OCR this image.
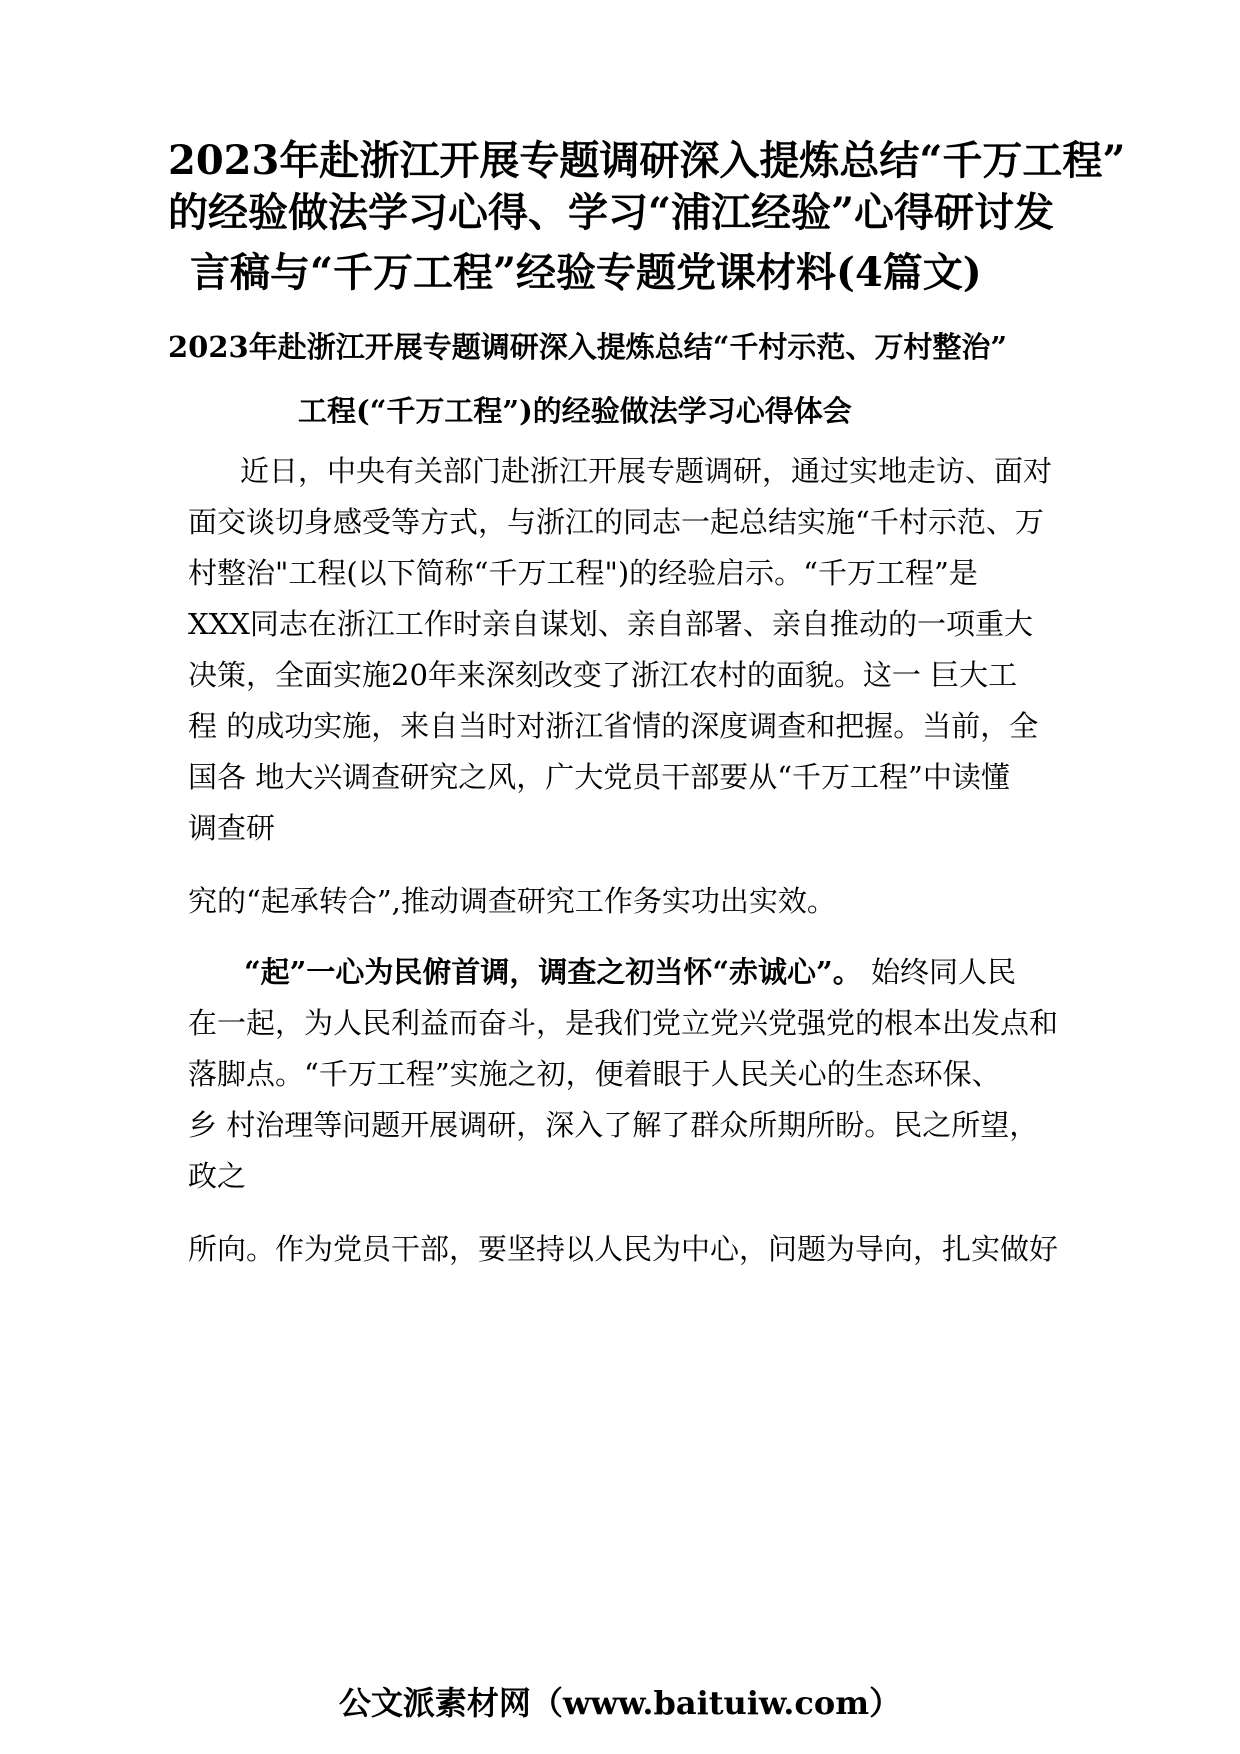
2023年赴浙江开展专题调研深入提炼总结“千万工程”
的经验做法学习心得、学习“浦江经验”心得研讨发
言稿与“千万工程”经验专题党课材料(4篇文)
2023年赴浙江开展专题调研深入提炼总结“千村示范、万村整治”
工程(“千万工程”)的经验做法学习心得体会
近日，中央有关部门赴浙江开展专题调研，通过实地走访、面对
面交谈切身感受等方式，与浙江的同志一起总结实施“千村示范、万
村整治"工程(以下简称“千万工程")的经验启示。“千万工程”是
XXX同志在浙江工作时亲自谋划、亲自部署、亲自推动的一项重大
决策，全面实施20年来深刻改变了浙江农村的面貌。这一 巨大工
程 的成功实施，来自当时对浙江省情的深度调查和把握。当前，全
国各 地大兴调查研究之风，广大党员干部要从“千万工程”中读懂
调查研
究的“起承转合”,推动调查研究工作务实功出实效。
“起”一心为民俯首调，调查之初当怀“赤诚心”。 始终同人民
在一起，为人民利益而奋斗，是我们党立党兴党强党的根本出发点和
落脚点。“千万工程”实施之初，便着眼于人民关心的生态环保、
乡 村治理等问题开展调研，深入了解了群众所期所盼。民之所望，
政之
所向。作为党员干部，要坚持以人民为中心，问题为导向，扎实做好
公文派素材网（www.baituiw.com）
